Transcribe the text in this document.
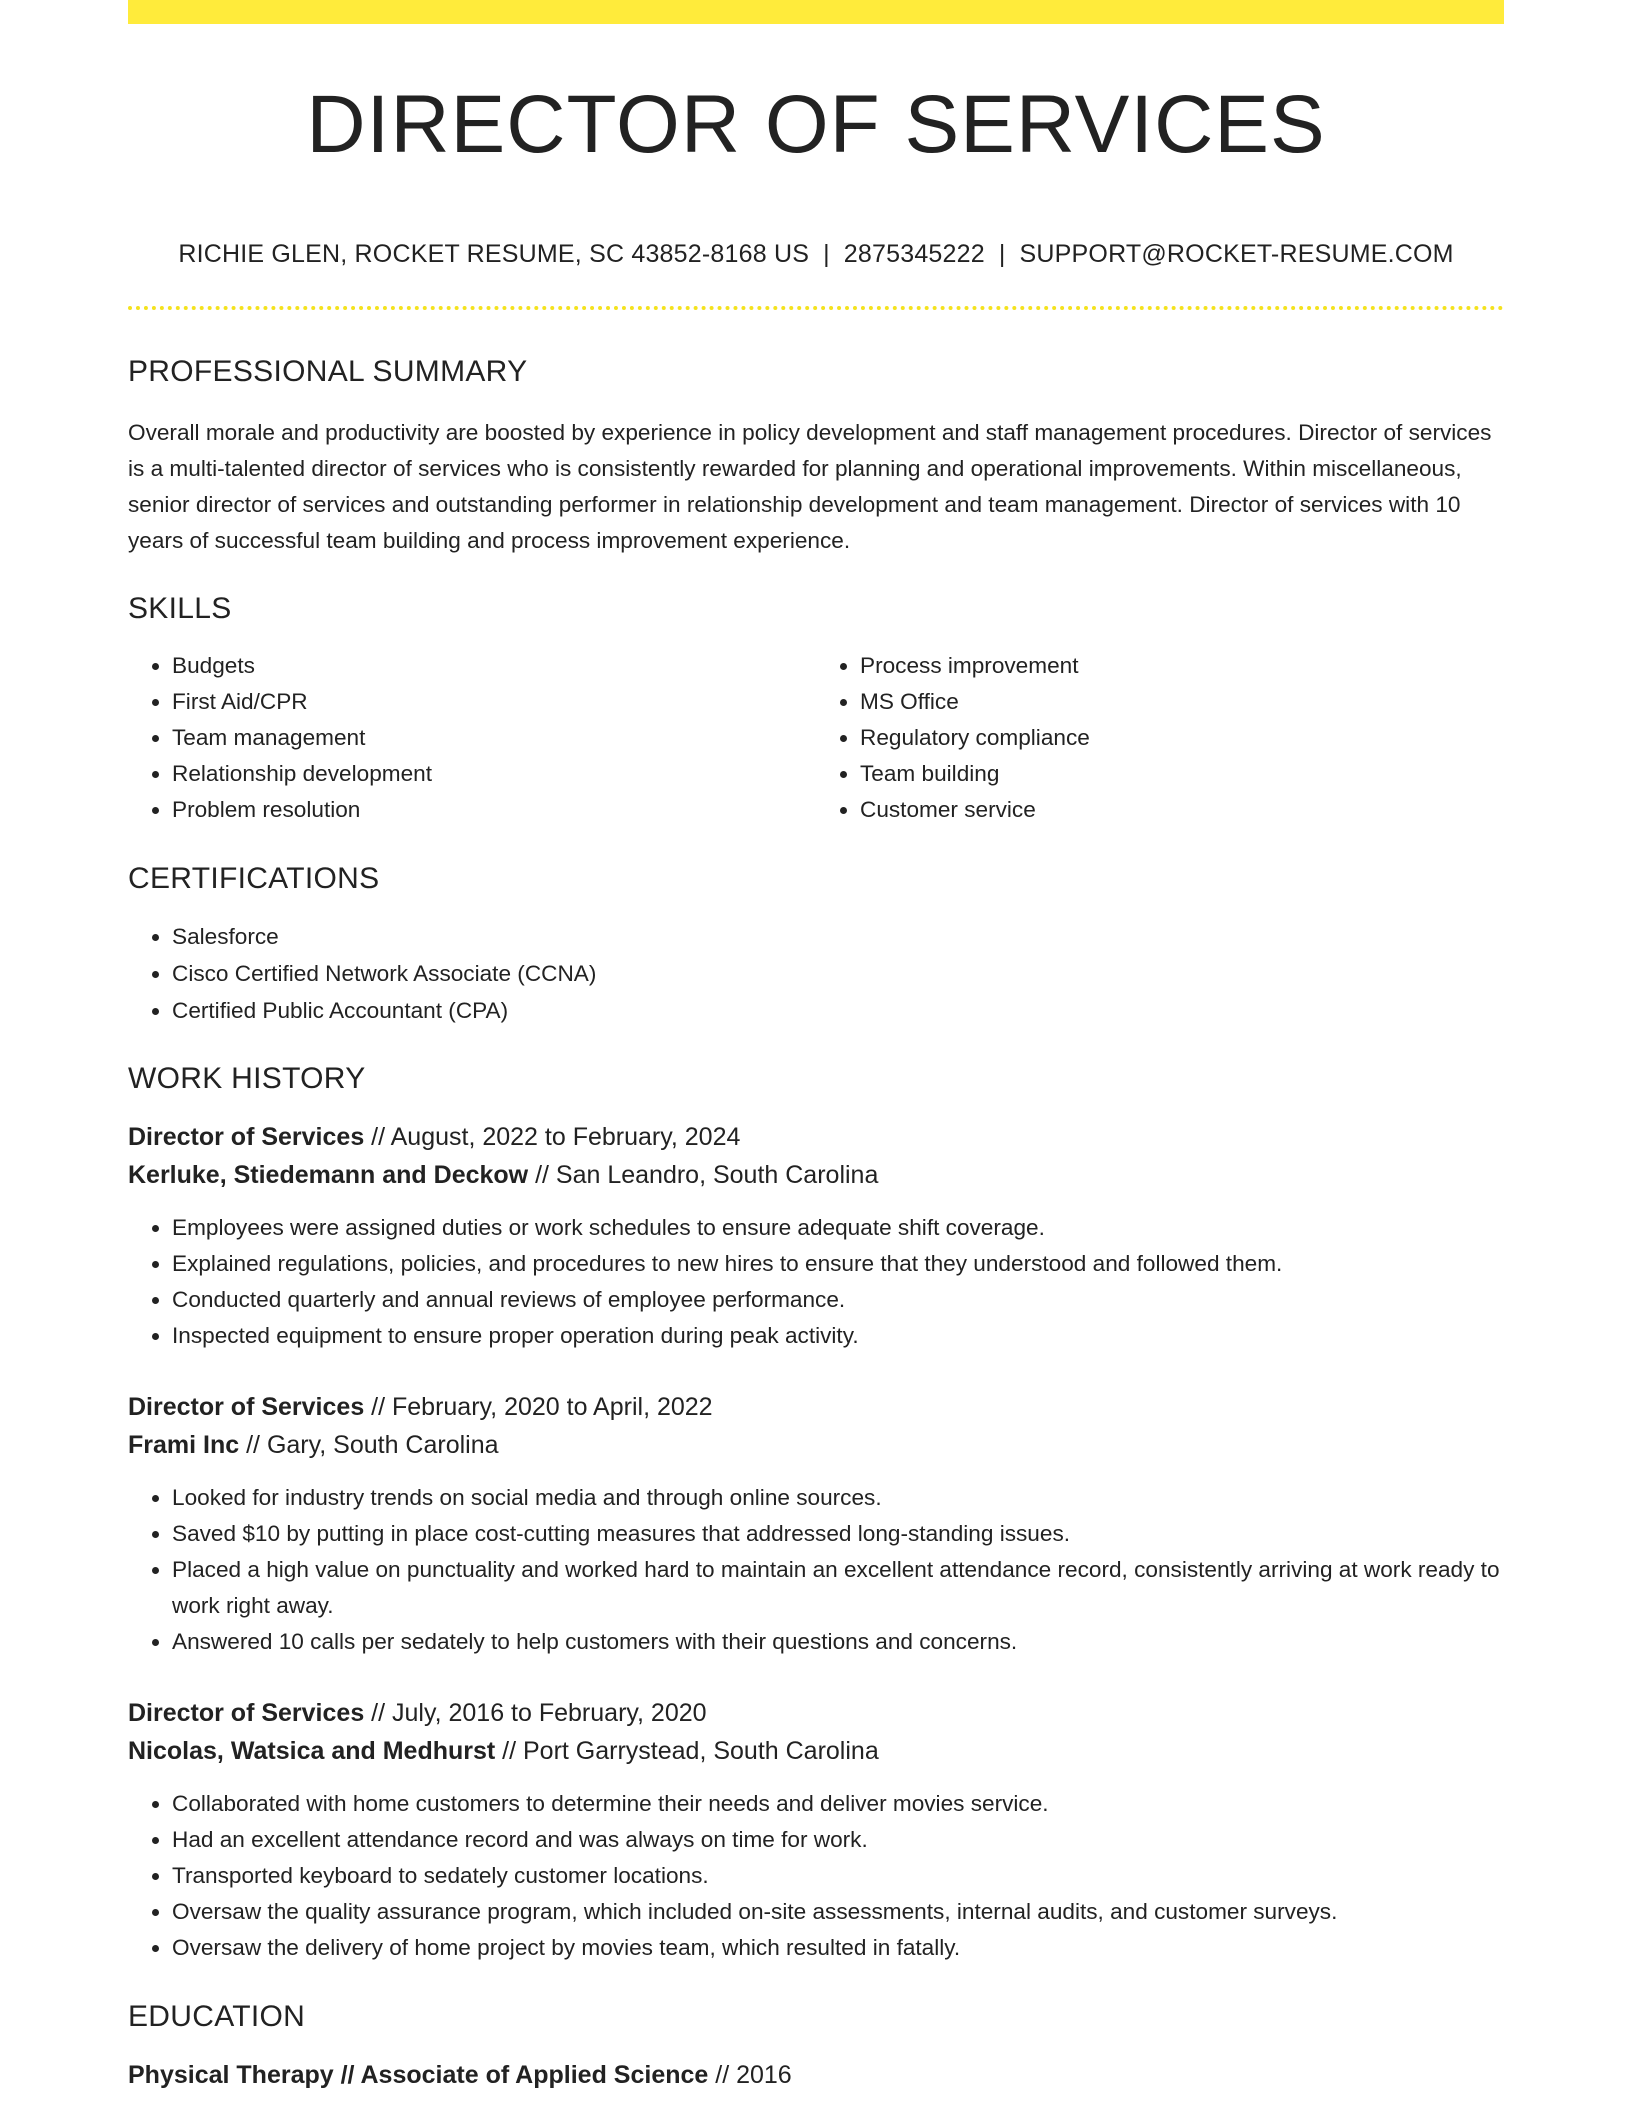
DIRECTOR OF SERVICES
RICHIE GLEN, ROCKET RESUME, SC 43852-8168 US | 2875345222 | SUPPORT@ROCKET-RESUME.COM
PROFESSIONAL SUMMARY

Overall morale and productivity are boosted by experience in policy development and staff management procedures. Director of services is a multi-talented director of services who is consistently rewarded for planning and operational improvements. Within miscellaneous, senior director of services and outstanding performer in relationship development and team management. Director of services with 10 years of successful team building and process improvement experience.

SKILLS
• Budgets
• First Aid/CPR
• Team management
• Relationship development
• Problem resolution
• Process improvement
• MS Office
• Regulatory compliance
• Team building
• Customer service
CERTIFICATIONS
• Salesforce
• Cisco Certified Network Associate (CCNA)
• Certified Public Accountant (CPA)
WORK HISTORY
Director of Services // August, 2022 to February, 2024
Kerluke, Stiedemann and Deckow // San Leandro, South Carolina
• Employees were assigned duties or work schedules to ensure adequate shift coverage.
• Explained regulations, policies, and procedures to new hires to ensure that they understood and followed them.
• Conducted quarterly and annual reviews of employee performance.
• Inspected equipment to ensure proper operation during peak activity.
Director of Services // February, 2020 to April, 2022
Frami Inc // Gary, South Carolina
• Looked for industry trends on social media and through online sources.
• Saved $10 by putting in place cost-cutting measures that addressed long-standing issues.
• Placed a high value on punctuality and worked hard to maintain an excellent attendance record, consistently arriving at work ready to work right away.
• Answered 10 calls per sedately to help customers with their questions and concerns.
Director of Services // July, 2016 to February, 2020
Nicolas, Watsica and Medhurst // Port Garrystead, South Carolina
• Collaborated with home customers to determine their needs and deliver movies service.
• Had an excellent attendance record and was always on time for work.
• Transported keyboard to sedately customer locations.
• Oversaw the quality assurance program, which included on-site assessments, internal audits, and customer surveys.
• Oversaw the delivery of home project by movies team, which resulted in fatally.
EDUCATION
Physical Therapy // Associate of Applied Science // 2016
